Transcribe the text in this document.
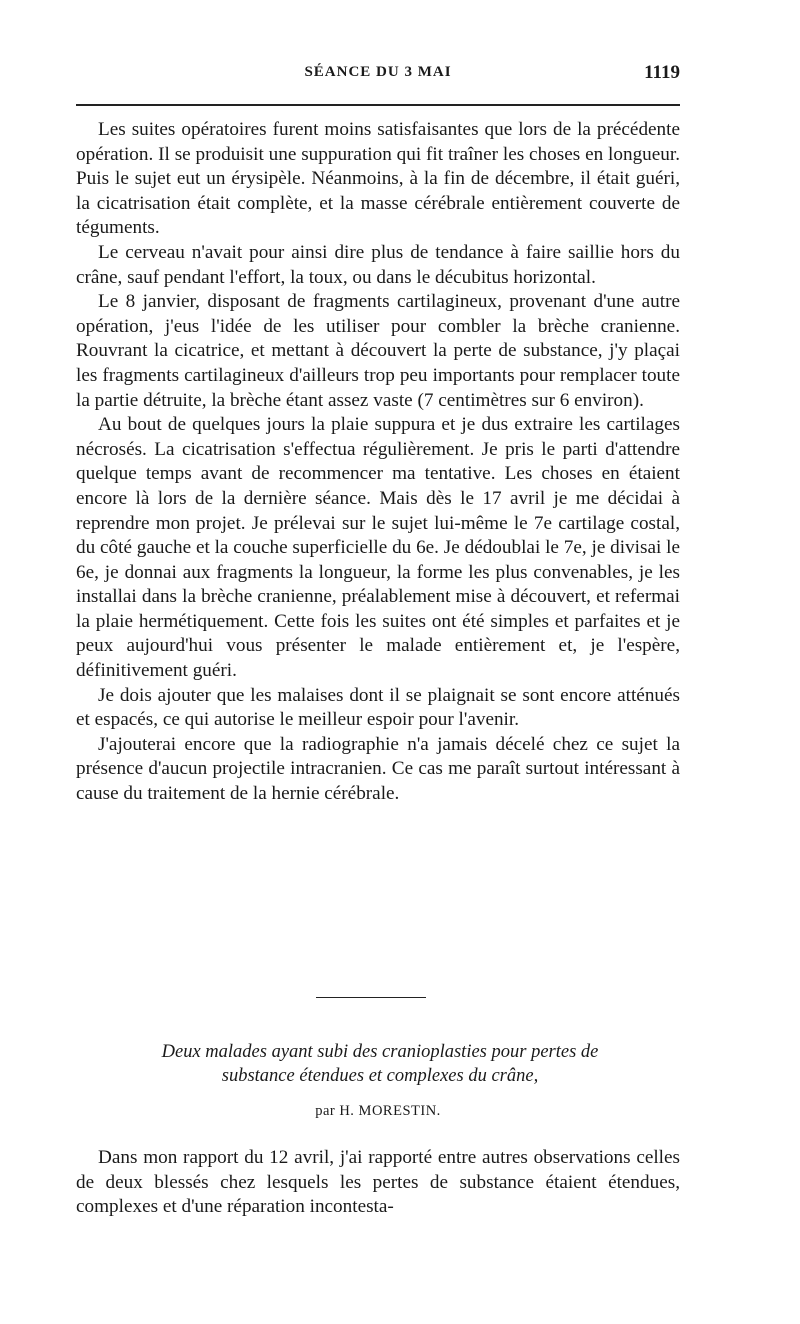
SÉANCE DU 3 MAI	1119

Les suites opératoires furent moins satisfaisantes que lors de la précédente opération. Il se produisit une suppuration qui fit traîner les choses en longueur. Puis le sujet eut un érysipèle. Néanmoins, à la fin de décembre, il était guéri, la cicatrisation était complète, et la masse cérébrale entièrement couverte de téguments.

Le cerveau n'avait pour ainsi dire plus de tendance à faire saillie hors du crâne, sauf pendant l'effort, la toux, ou dans le décubitus horizontal.

Le 8 janvier, disposant de fragments cartilagineux, provenant d'une autre opération, j'eus l'idée de les utiliser pour combler la brèche cranienne. Rouvrant la cicatrice, et mettant à découvert la perte de substance, j'y plaçai les fragments cartilagineux d'ailleurs trop peu importants pour remplacer toute la partie détruite, la brèche étant assez vaste (7 centimètres sur 6 environ).

Au bout de quelques jours la plaie suppura et je dus extraire les cartilages nécrosés. La cicatrisation s'effectua régulièrement. Je pris le parti d'attendre quelque temps avant de recommencer ma tentative. Les choses en étaient encore là lors de la dernière séance. Mais dès le 17 avril je me décidai à reprendre mon projet. Je prélevai sur le sujet lui-même le 7e cartilage costal, du côté gauche et la couche superficielle du 6e. Je dédoublai le 7e, je divisai le 6e, je donnai aux fragments la longueur, la forme les plus convenables, je les installai dans la brèche cranienne, préalablement mise à découvert, et refermai la plaie hermétiquement. Cette fois les suites ont été simples et parfaites et je peux aujourd'hui vous présenter le malade entièrement et, je l'espère, définitivement guéri.

Je dois ajouter que les malaises dont il se plaignait se sont encore atténués et espacés, ce qui autorise le meilleur espoir pour l'avenir.

J'ajouterai encore que la radiographie n'a jamais décelé chez ce sujet la présence d'aucun projectile intracranien. Ce cas me paraît surtout intéressant à cause du traitement de la hernie cérébrale.

Deux malades ayant subi des cranioplasties pour pertes de
substance étendues et complexes du crâne,
par H. MORESTIN.

Dans mon rapport du 12 avril, j'ai rapporté entre autres observations celles de deux blessés chez lesquels les pertes de substance étaient étendues, complexes et d'une réparation incontesta-
